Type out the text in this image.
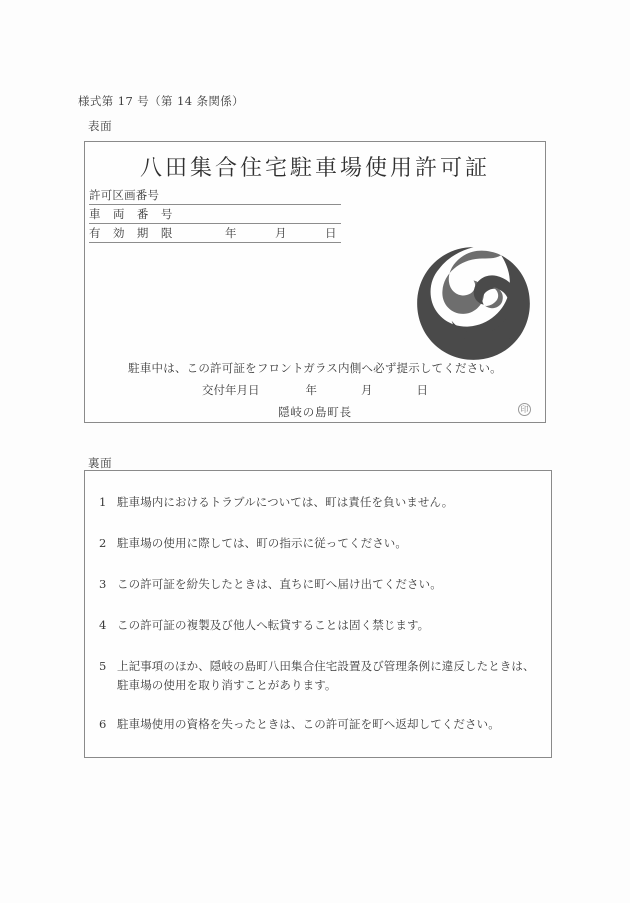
様式第 17 号（第 14 条関係）
表面
八田集合住宅駐車場使用許可証
許可区画番号
車 両 番 号
有 効 期 限	年	月	日
駐車中は、この許可証をフロントガラス内側へ必ず提示してください。
交付年月日	年	月	日
隠岐の島町長	印
裏面
1 駐車場内におけるトラブルについては、町は責任を負いません。
2 駐車場の使用に際しては、町の指示に従ってください。
3 この許可証を紛失したときは、直ちに町へ届け出てください。
4 この許可証の複製及び他人へ転貸することは固く禁じます。
5 上記事項のほか、隠岐の島町八田集合住宅設置及び管理条例に違反したときは、駐車場の使用を取り消すことがあります。
6 駐車場使用の資格を失ったときは、この許可証を町へ返却してください。
